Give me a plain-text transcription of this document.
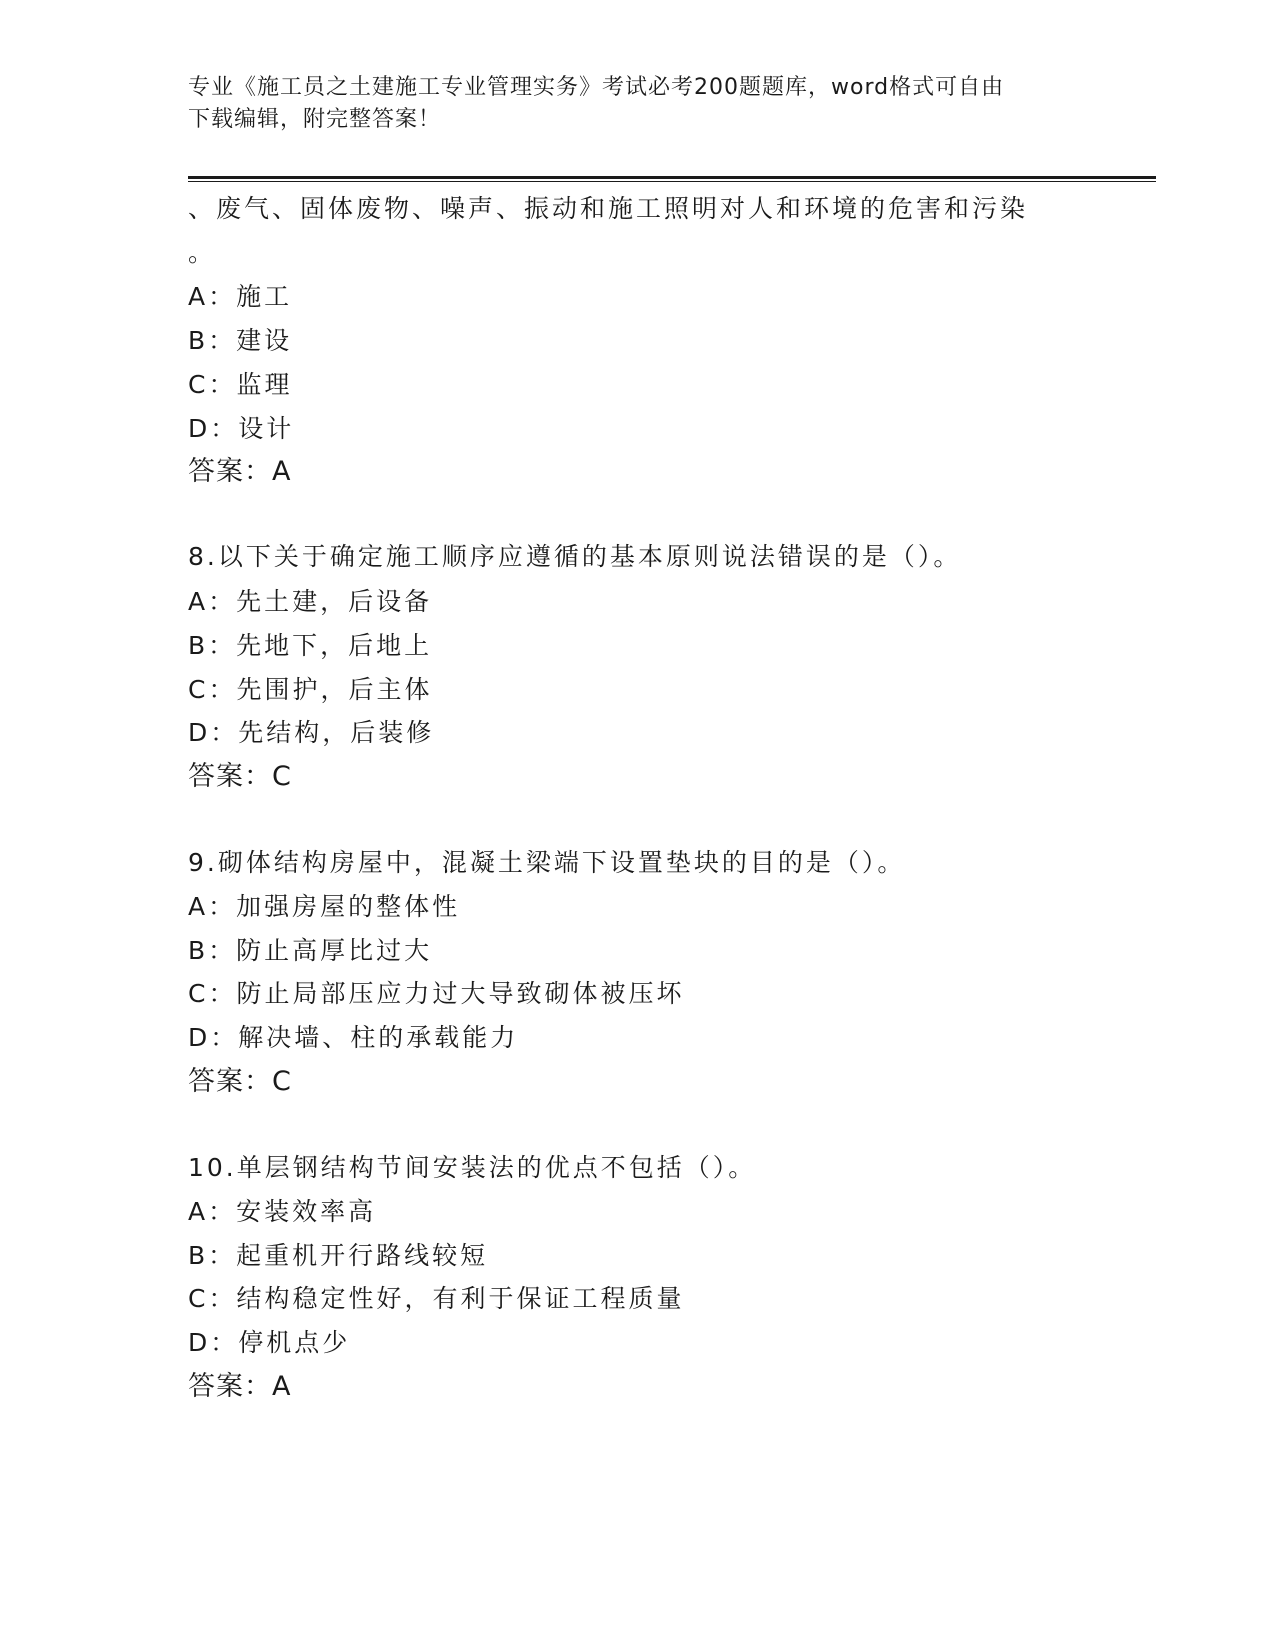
专业《施工员之土建施工专业管理实务》考试必考200题题库，word格式可自由
下载编辑，附完整答案！
、废气、固体废物、噪声、振动和施工照明对人和环境的危害和污染
。
A：施工
B：建设
C：监理
D：设计
答案：A
8.以下关于确定施工顺序应遵循的基本原则说法错误的是（）。
A：先土建，后设备
B：先地下，后地上
C：先围护，后主体
D：先结构，后装修
答案：C
9.砌体结构房屋中，混凝土梁端下设置垫块的目的是（）。
A：加强房屋的整体性
B：防止高厚比过大
C：防止局部压应力过大导致砌体被压坏
D：解决墙、柱的承载能力
答案：C
10.单层钢结构节间安装法的优点不包括（）。
A：安装效率高
B：起重机开行路线较短
C：结构稳定性好，有利于保证工程质量
D：停机点少
答案：A
